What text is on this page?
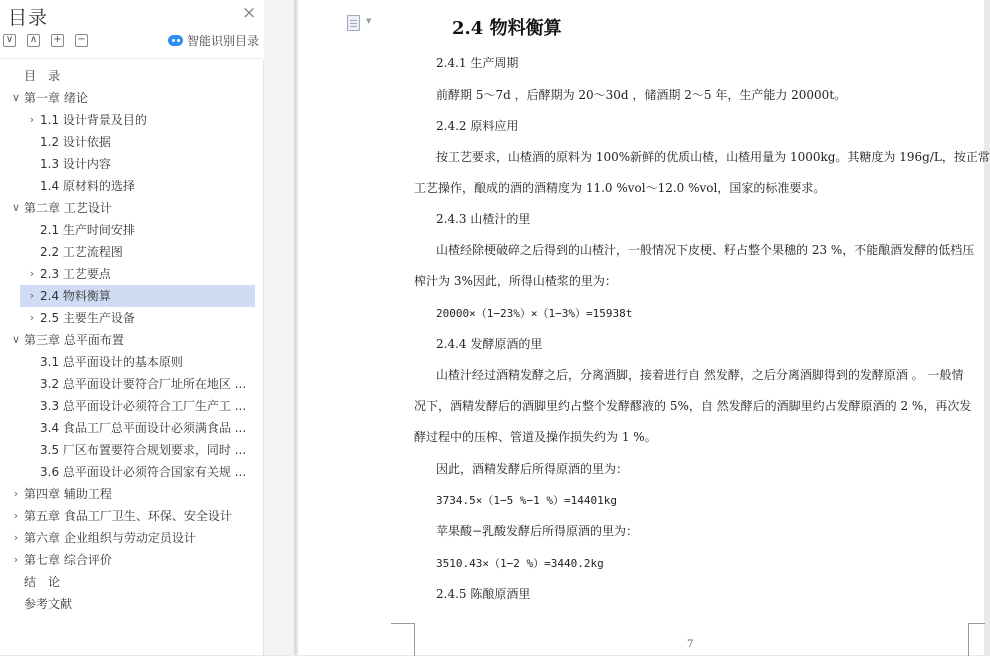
目录	×
∨ ∧ + −	智能识别目录
目　录
∨ 第一章 绪论
› 1.1 设计背景及目的
1.2 设计依据
1.3 设计内容
1.4 原材料的选择
∨ 第二章 工艺设计
2.1 生产时间安排
2.2 工艺流程图
› 2.3 工艺要点
› 2.4 物料衡算
› 2.5 主要生产设备
∨ 第三章 总平面布置
3.1 总平面设计的基本原则
3.2 总平面设计要符合厂址所在地区 ...
3.3 总平面设计必须符合工厂生产工 ...
3.4 食品工厂总平面设计必须满食品 ...
3.5 厂区布置要符合规划要求，同时 ...
3.6 总平面设计必须符合国家有关规 ...
› 第四章 辅助工程
› 第五章 食品工厂卫生、环保、安全设计
› 第六章 企业组织与劳动定员设计
› 第七章 综合评价
结　论
参考文献
▼	2.4 物料衡算
2.4.1 生产周期
前酵期 5～7d ，后酵期为 20～30d ，储酒期 2～5 年，生产能力 20000t。
2.4.2 原料应用
按工艺要求，山楂酒的原料为 100%新鲜的优质山楂，山楂用量为 1000kg。其糖度为 196g/L，按正常
工艺操作，酿成的酒的酒精度为 11.0 %vol～12.0 %vol，国家的标准要求。
2.4.3 山楂汁的里
山楂经除梗破碎之后得到的山楂汁，一般情况下皮梗、籽占整个果穗的 23 %，不能酿酒发酵的低档压
榨汁为 3%因此，所得山楂浆的里为：
20000×（1−23%）×（1−3%）=15938t
2.4.4 发酵原酒的里
山楂汁经过酒精发酵之后，分离酒脚，接着进行自 然发酵，之后分离酒脚得到的发酵原酒 。 一般情
况下，酒精发酵后的酒脚里约占整个发酵醪液的 5%，自 然发酵后的酒脚里约占发酵原酒的 2 %，再次发
酵过程中的压榨、管道及操作损失约为 1 %。
因此，酒精发酵后所得原酒的里为：
3734.5×（1−5 %−1 %）=14401kg
苹果酸−乳酸发酵后所得原酒的里为：
3510.43×（1−2 %）=3440.2kg
2.4.5 陈酿原酒里
7
